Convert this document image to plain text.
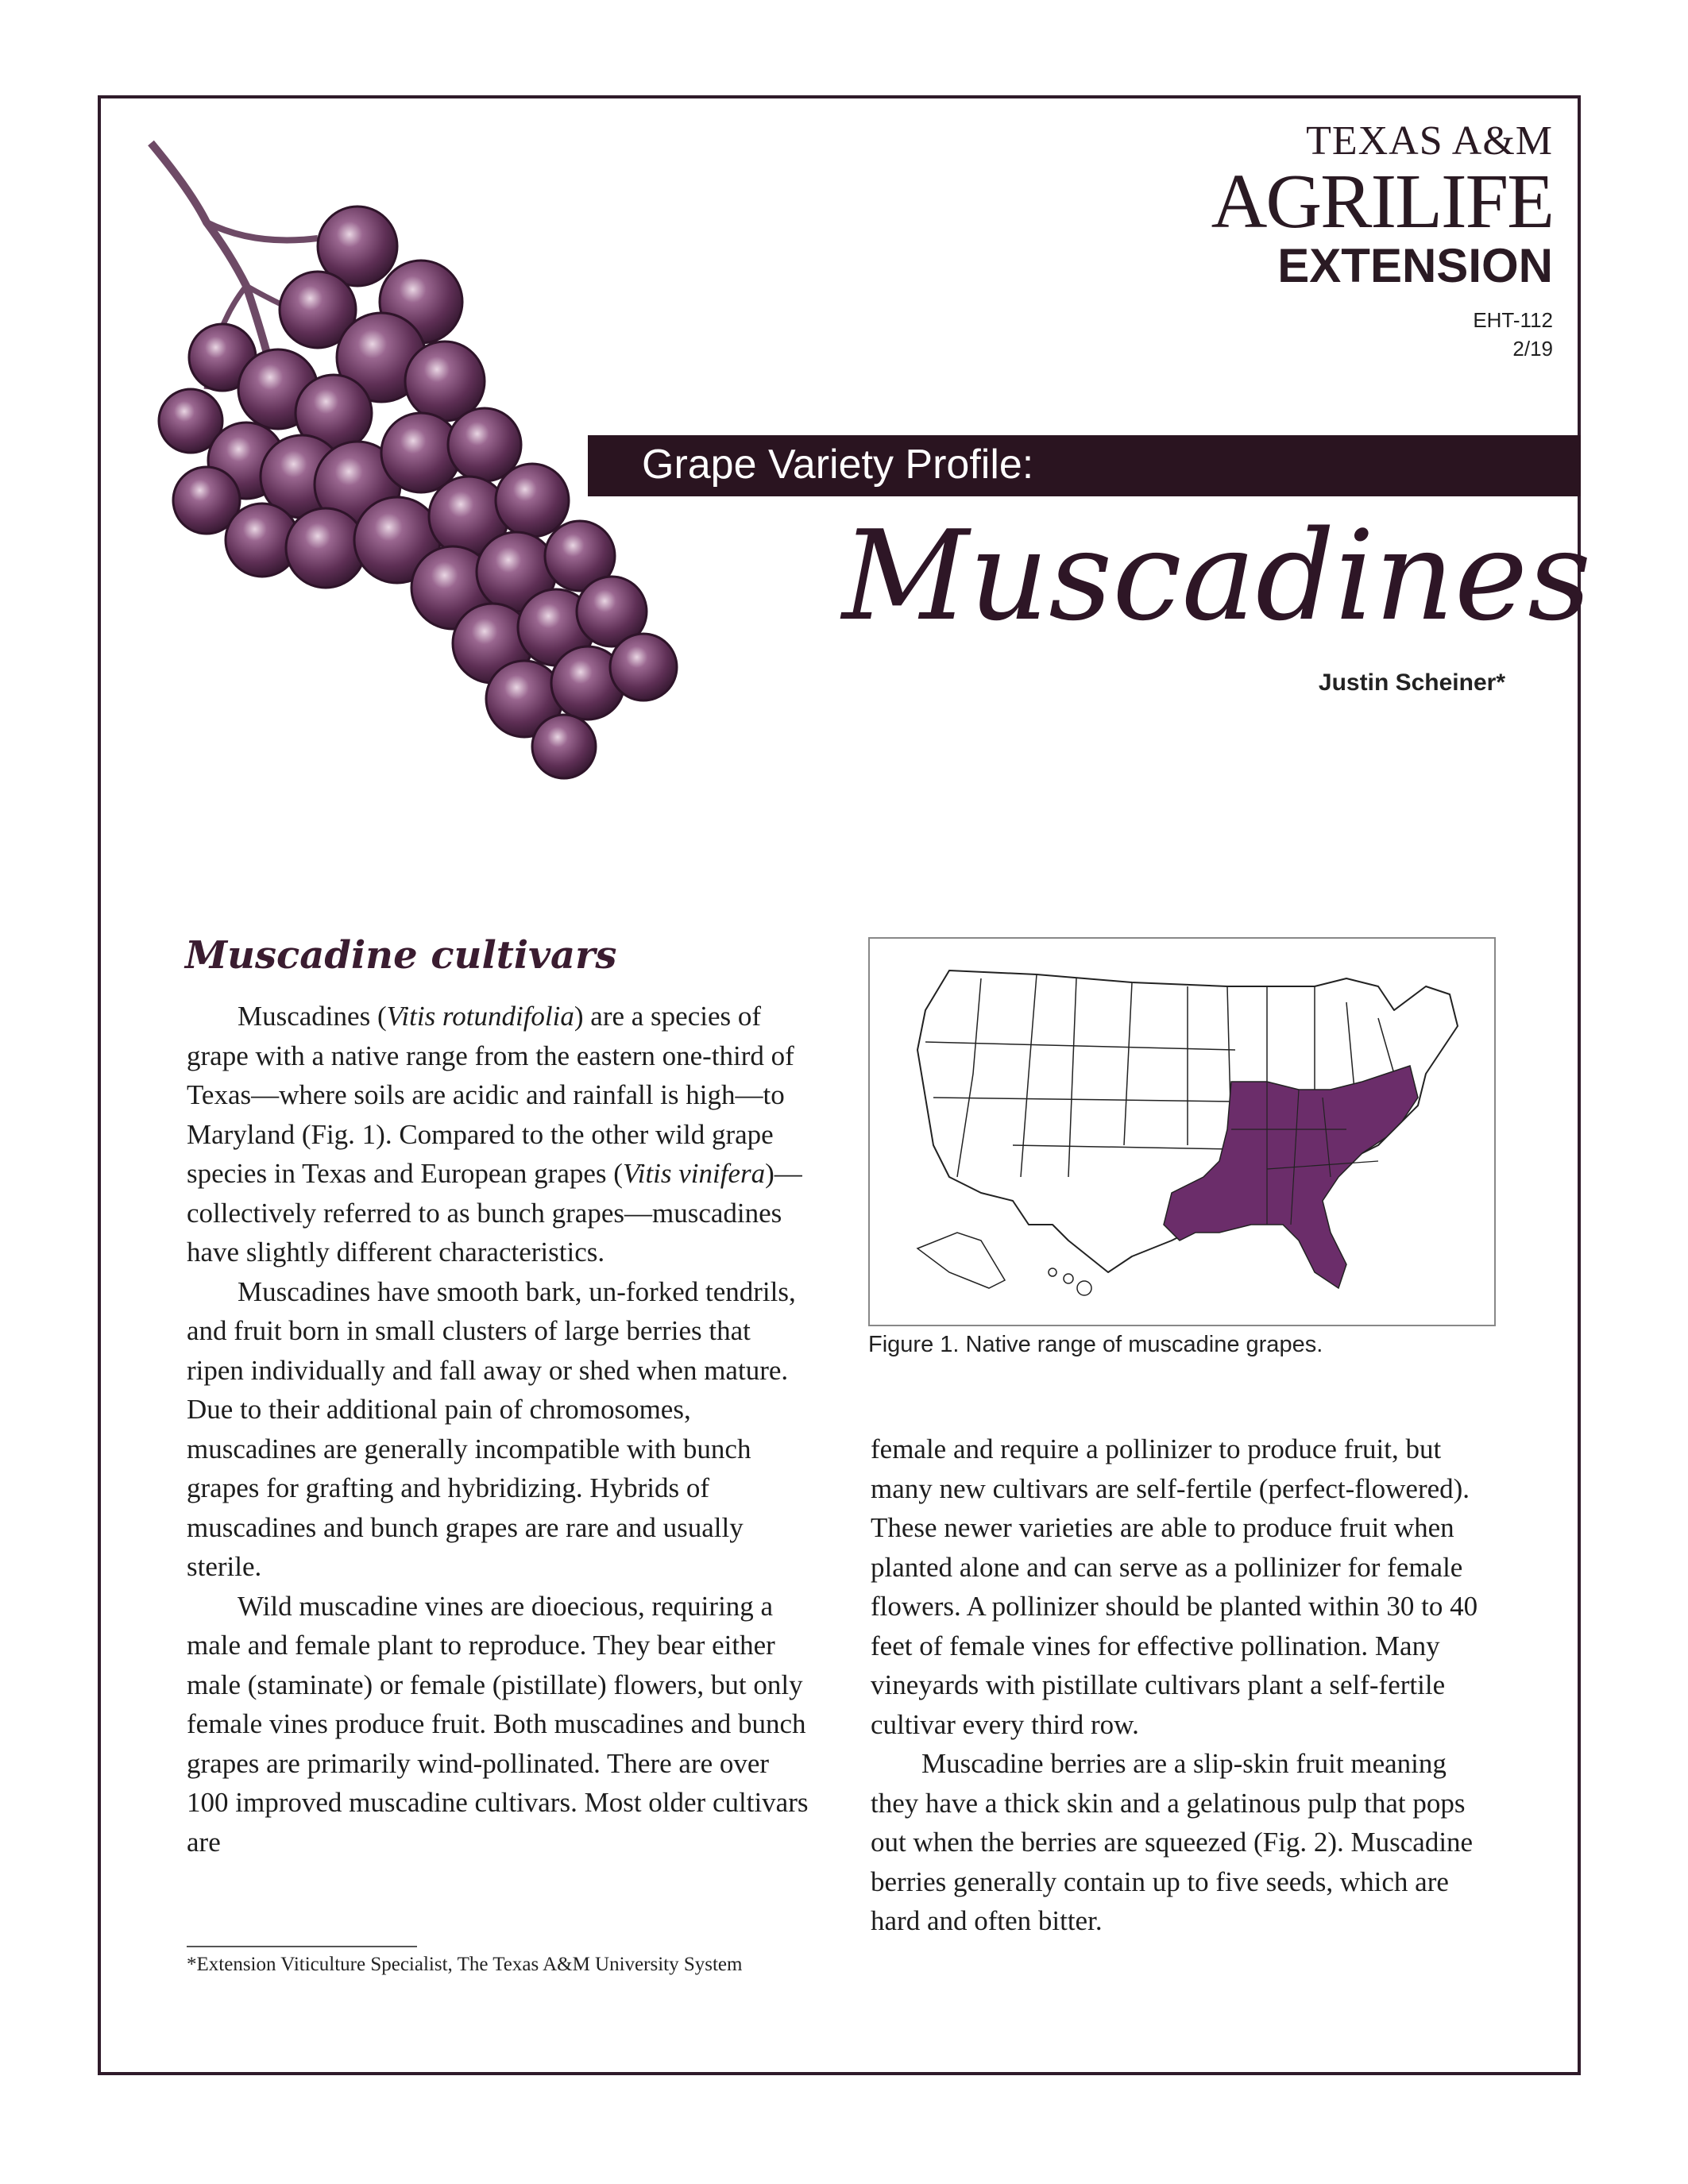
TEXAS A&M
AGRILIFE
EXTENSION
EHT-112
2/19
Grape Variety Profile:
Muscadines
Justin Scheiner*
Muscadine cultivars

Muscadines (Vitis rotundifolia) are a species of grape with a native range from the eastern one-third of Texas—where soils are acidic and rainfall is high—to Maryland (Fig. 1). Compared to the other wild grape species in Texas and European grapes (Vitis vinifera)—collectively referred to as bunch grapes—muscadines have slightly different characteristics.

Muscadines have smooth bark, un-forked tendrils, and fruit born in small clusters of large berries that ripen individually and fall away or shed when mature. Due to their additional pain of chromosomes, muscadines are generally incompatible with bunch grapes for grafting and hybridizing. Hybrids of muscadines and bunch grapes are rare and usually sterile.

Wild muscadine vines are dioecious, requiring a male and female plant to reproduce. They bear either male (staminate) or female (pistillate) flowers, but only female vines produce fruit. Both muscadines and bunch grapes are primarily wind-pollinated. There are over 100 improved muscadine cultivars. Most older cultivars are

Figure 1. Native range of muscadine grapes.

female and require a pollinizer to produce fruit, but many new cultivars are self-fertile (perfect-flowered). These newer varieties are able to produce fruit when planted alone and can serve as a pollinizer for female flowers. A pollinizer should be planted within 30 to 40 feet of female vines for effective pollination. Many vineyards with pistillate cultivars plant a self-fertile cultivar every third row.

Muscadine berries are a slip-skin fruit meaning they have a thick skin and a gelatinous pulp that pops out when the berries are squeezed (Fig. 2). Muscadine berries generally contain up to five seeds, which are hard and often bitter.

*Extension Viticulture Specialist, The Texas A&M University System
